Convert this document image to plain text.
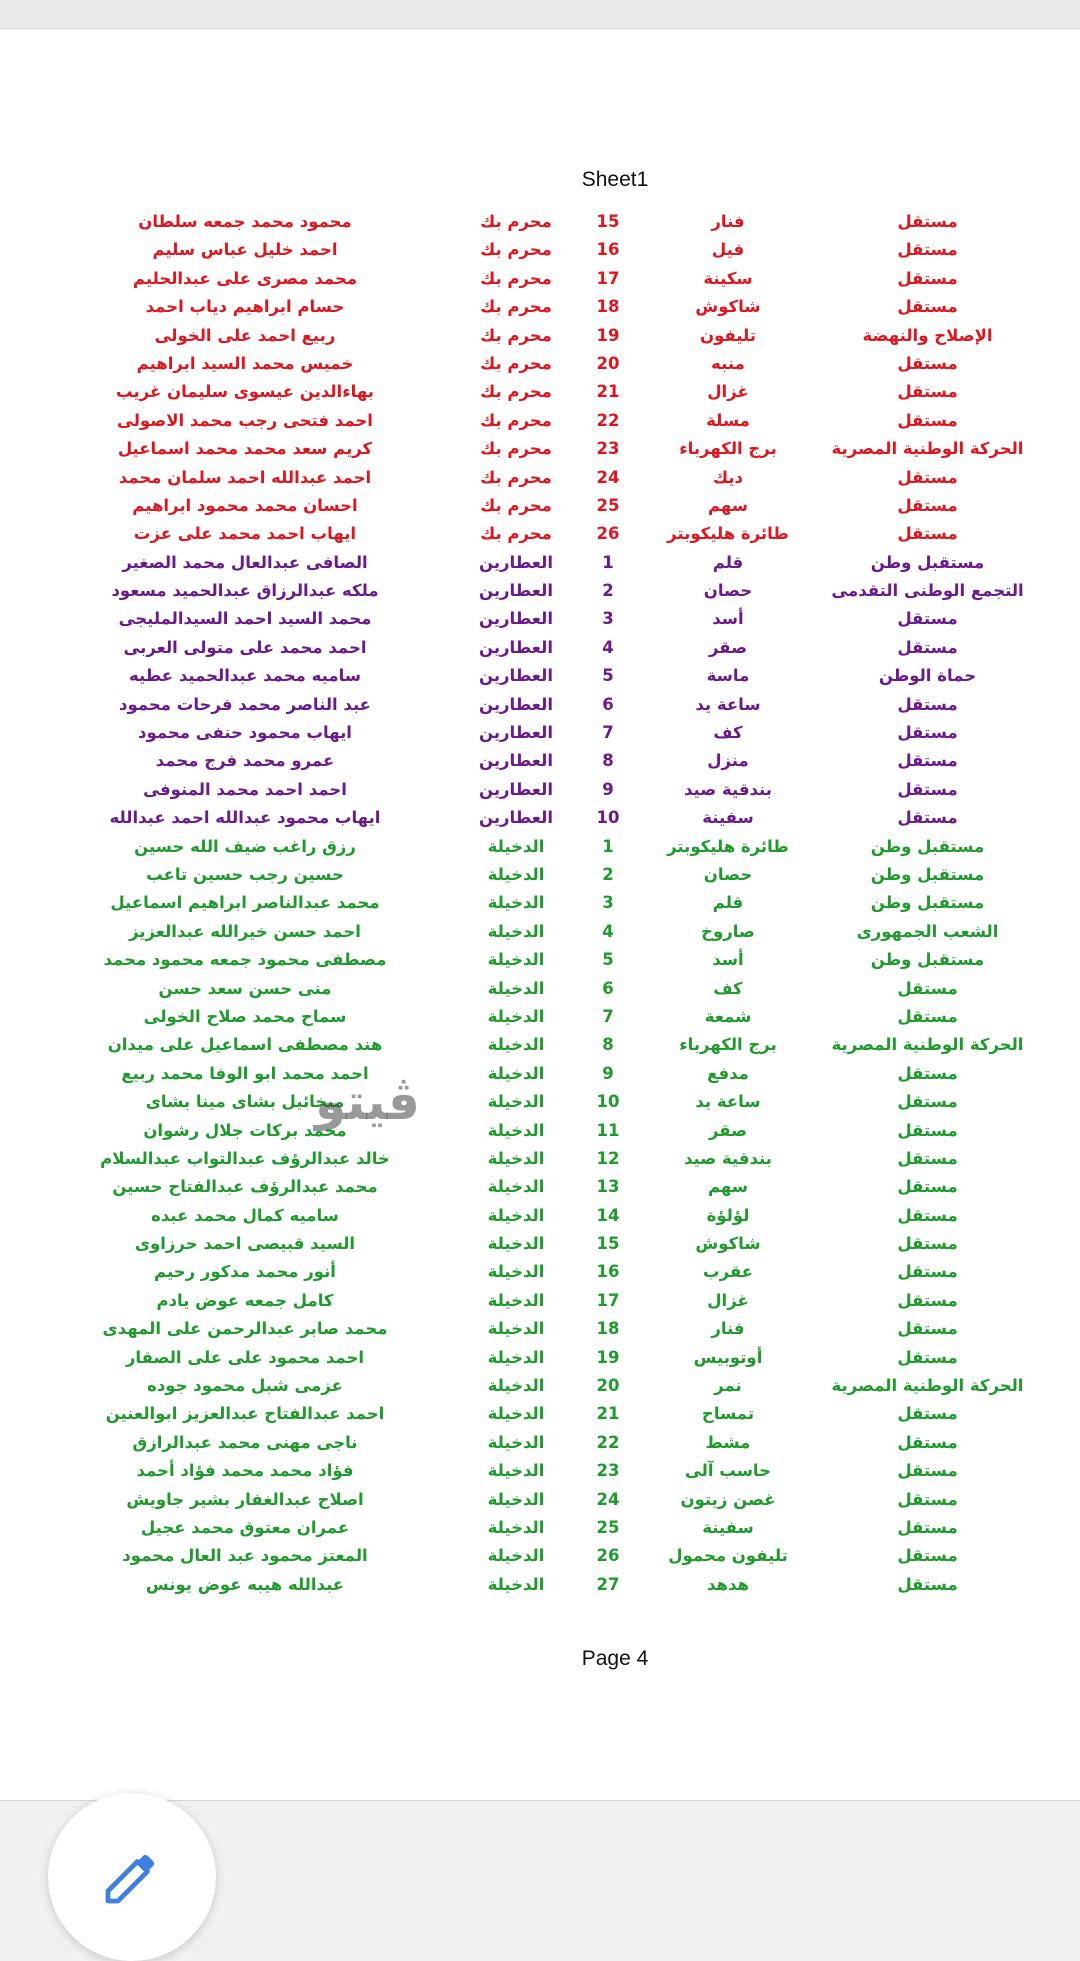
Sheet1
مستقل
فنار
15
محرم بك
محمود محمد جمعه سلطان
مستقل
فيل
16
محرم بك
احمد خليل عباس سليم
مستقل
سكينة
17
محرم بك
محمد مصرى على عبدالحليم
مستقل
شاكوش
18
محرم بك
حسام ابراهيم دياب احمد
الإصلاح والنهضة
تليفون
19
محرم بك
ربيع احمد على الخولى
مستقل
منبه
20
محرم بك
خميس محمد السيد ابراهيم
مستقل
غزال
21
محرم بك
بهاءالدين عيسوى سليمان غريب
مستقل
مسلة
22
محرم بك
احمد فتحى رجب محمد الاصولى
الحركة الوطنية المصرية
برج الكهرباء
23
محرم بك
كريم سعد محمد محمد اسماعيل
مستقل
ديك
24
محرم بك
احمد عبدالله احمد سلمان محمد
مستقل
سهم
25
محرم بك
احسان محمد محمود ابراهيم
مستقل
طائرة هليكوبتر
26
محرم بك
ايهاب احمد محمد على عزت
مستقبل وطن
قلم
1
العطارين
الصافى عبدالعال محمد الصغير
التجمع الوطنى التقدمى
حصان
2
العطارين
ملكه عبدالرزاق عبدالحميد مسعود
مستقل
أسد
3
العطارين
محمد السيد احمد السيدالمليجى
مستقل
صقر
4
العطارين
احمد محمد على متولى العربى
حماة الوطن
ماسة
5
العطارين
ساميه محمد عبدالحميد عطيه
مستقل
ساعة يد
6
العطارين
عبد الناصر محمد فرحات محمود
مستقل
كف
7
العطارين
ايهاب محمود حنفى محمود
مستقل
منزل
8
العطارين
عمرو محمد فرج محمد
مستقل
بندقية صيد
9
العطارين
احمد احمد محمد المنوفى
مستقل
سفينة
10
العطارين
ايهاب محمود عبدالله احمد عبدالله
مستقبل وطن
طائرة هليكوبتر
1
الدخيلة
رزق راغب ضيف الله حسين
مستقبل وطن
حصان
2
الدخيلة
حسين رجب حسين تاعب
مستقبل وطن
قلم
3
الدخيلة
محمد عبدالناصر ابراهيم اسماعيل
الشعب الجمهورى
صاروخ
4
الدخيلة
احمد حسن خيرالله عبدالعزيز
مستقبل وطن
أسد
5
الدخيلة
مصطفى محمود جمعه محمود محمد
مستقل
كف
6
الدخيلة
منى حسن سعد حسن
مستقل
شمعة
7
الدخيلة
سماح محمد صلاح الخولى
الحركة الوطنية المصرية
برج الكهرباء
8
الدخيلة
هند مصطفى اسماعيل على ميدان
مستقل
مدفع
9
الدخيلة
احمد محمد ابو الوفا محمد ربيع
مستقل
ساعة يد
10
الدخيلة
ميخائيل بشاى مينا بشاى
مستقل
صقر
11
الدخيلة
محمد بركات جلال رشوان
مستقل
بندقية صيد
12
الدخيلة
خالد عبدالرؤف عبدالتواب عبدالسلام
مستقل
سهم
13
الدخيلة
محمد عبدالرؤف عبدالفتاح حسين
مستقل
لؤلؤة
14
الدخيلة
ساميه كمال محمد عبده
مستقل
شاكوش
15
الدخيلة
السيد قبيصى احمد حرزاوى
مستقل
عقرب
16
الدخيلة
أنور محمد مدكور رحيم
مستقل
غزال
17
الدخيلة
كامل جمعه عوض يادم
مستقل
فنار
18
الدخيلة
محمد صابر عبدالرحمن على المهدى
مستقل
أوتوبيس
19
الدخيلة
احمد محمود على على الصقار
الحركة الوطنية المصرية
نمر
20
الدخيلة
عزمى شبل محمود جوده
مستقل
تمساح
21
الدخيلة
احمد عبدالفتاح عبدالعزيز ابوالعنين
مستقل
مشط
22
الدخيلة
ناجى مهنى محمد عبدالرازق
مستقل
حاسب آلى
23
الدخيلة
فؤاد محمد محمد فؤاد أحمد
مستقل
غصن زيتون
24
الدخيلة
اصلاح عبدالغفار بشير جاويش
مستقل
سفينة
25
الدخيلة
عمران معتوق محمد عجيل
مستقل
تليفون محمول
26
الدخيلة
المعتز محمود عبد العال محمود
مستقل
هدهد
27
الدخيلة
عبدالله هيبه عوض يونس
ڤيتو
Page 4
